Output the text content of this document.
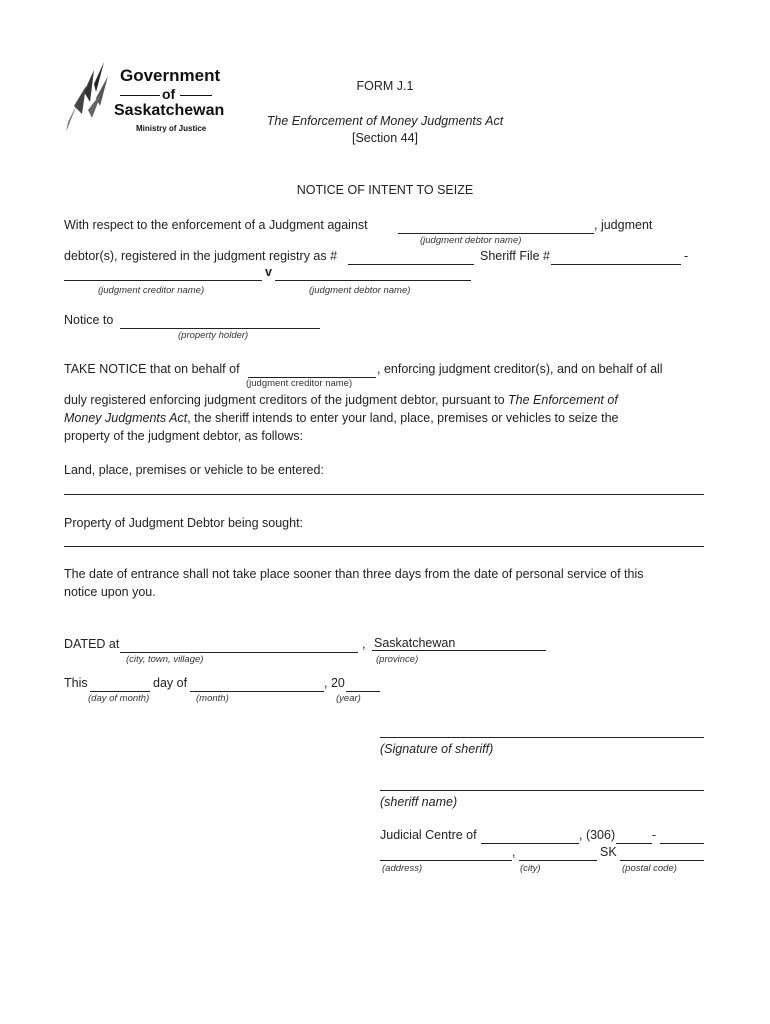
Government
of
Saskatchewan
Ministry of Justice
FORM J.1
The Enforcement of Money Judgments Act
[Section 44]
NOTICE OF INTENT TO SEIZE
With respect to the enforcement of a Judgment against	, judgment
(judgment debtor name)
debtor(s), registered in the judgment registry as #	Sheriff File #	-
v
(judgment creditor name)	(judgment debtor name)
Notice to
(property holder)
TAKE NOTICE that on behalf of	, enforcing judgment creditor(s), and on behalf of all
(judgment creditor name)
duly registered enforcing judgment creditors of the judgment debtor, pursuant to The Enforcement of
Money Judgments Act, the sheriff intends to enter your land, place, premises or vehicles to seize the
property of the judgment debtor, as follows:
Land, place, premises or vehicle to be entered:
Property of Judgment Debtor being sought:
The date of entrance shall not take place sooner than three days from the date of personal service of this
notice upon you.
DATED at	, Saskatchewan
(city, town, village)	(province)
This	day of	, 20
(day of month)	(month)	(year)
(Signature of sheriff)
(sheriff name)
Judicial Centre of	, (306)	-
,	SK
(address)	(city)	(postal code)
